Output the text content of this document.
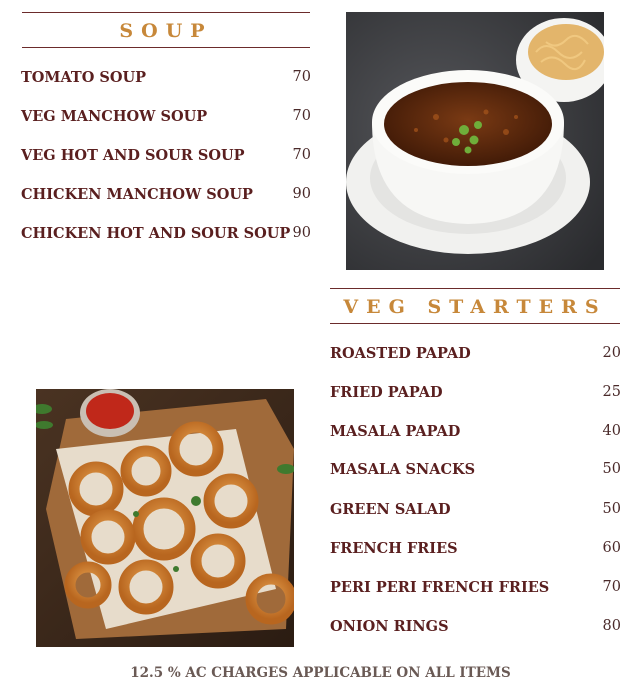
SOUP
TOMATO SOUP	70
VEG MANCHOW SOUP	70
VEG HOT AND SOUR SOUP	70
CHICKEN MANCHOW SOUP	90
CHICKEN HOT AND SOUR SOUP 90
VEG STARTERS
ROASTED PAPAD	20
FRIED PAPAD	25
MASALA PAPAD	40
MASALA SNACKS	50
GREEN SALAD	50
FRENCH FRIES	60
PERI PERI FRENCH FRIES	70
ONION RINGS	80
12.5 % AC CHARGES APPLICABLE ON ALL ITEMS
